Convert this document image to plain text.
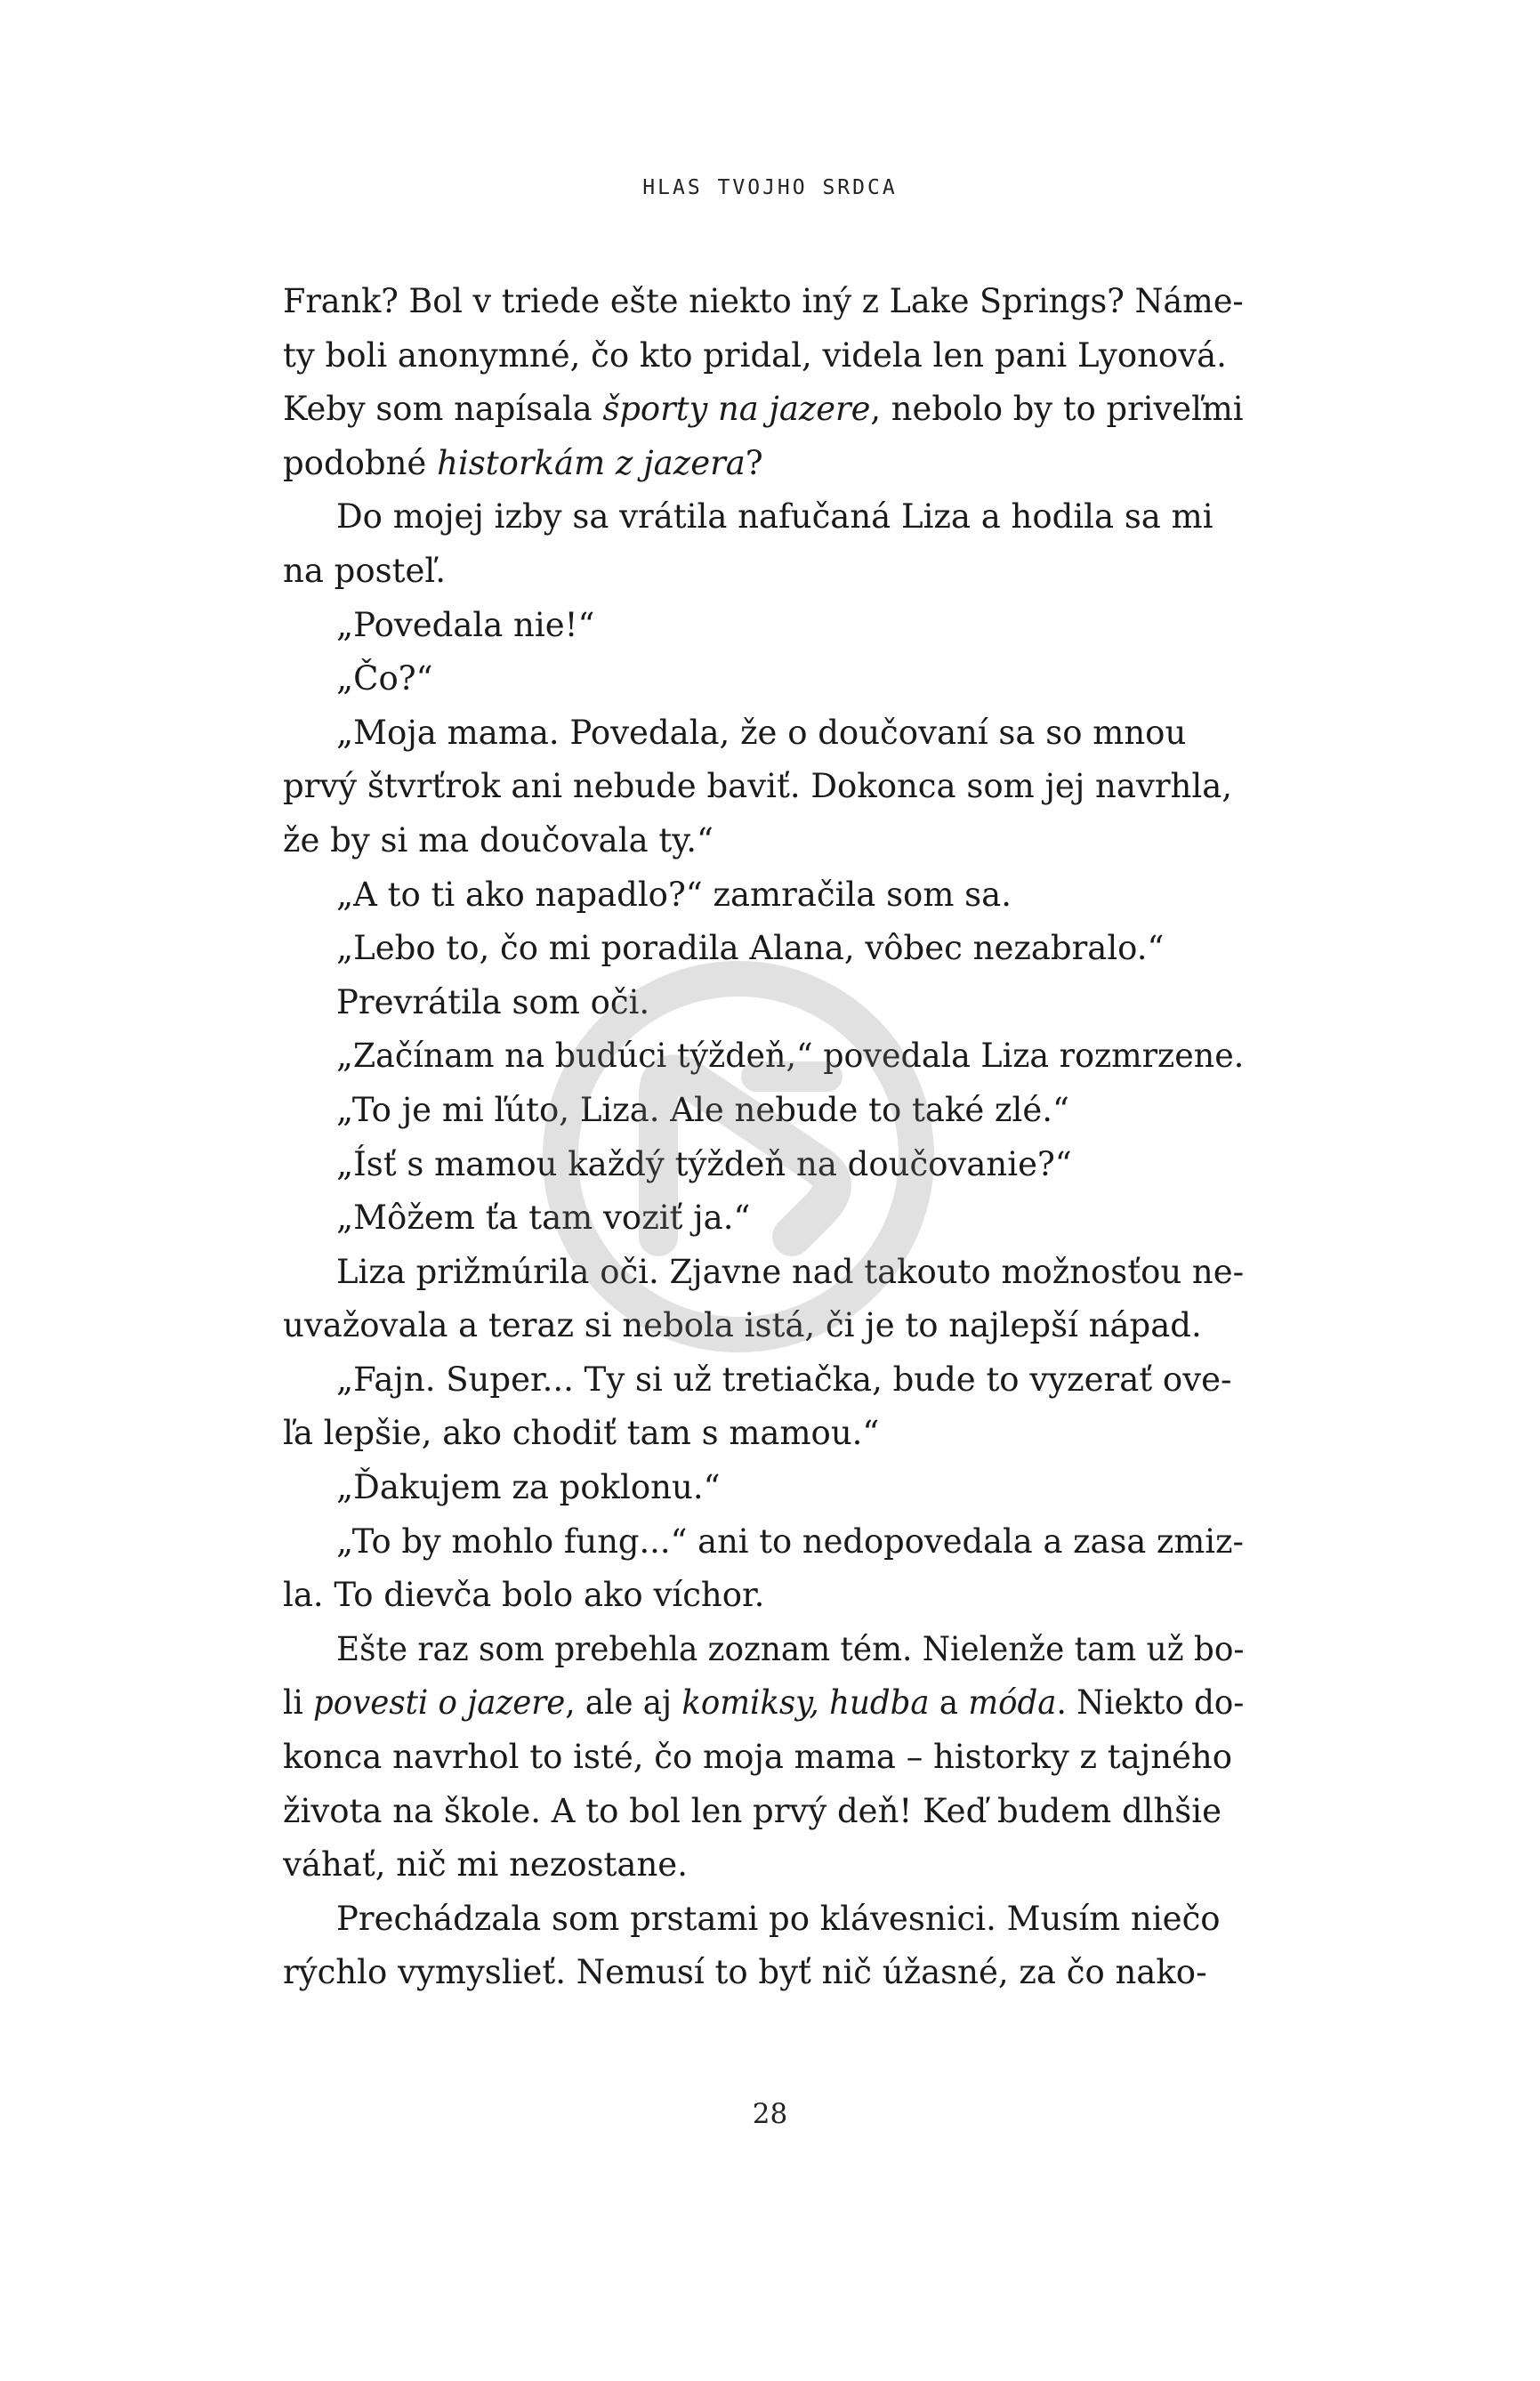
HLAS TVOJHO SRDCA

Frank? Bol v triede ešte niekto iný z Lake Springs? Náme-
ty boli anonymné, čo kto pridal, videla len pani Lyonová.
Keby som napísala športy na jazere, nebolo by to priveľmi
podobné historkám z jazera?

Do mojej izby sa vrátila nafučaná Liza a hodila sa mi
na posteľ.

„Povedala nie!“

„Čo?“

„Moja mama. Povedala, že o doučovaní sa so mnou
prvý štvrťrok ani nebude baviť. Dokonca som jej navrhla,
že by si ma doučovala ty.“

„A to ti ako napadlo?“ zamračila som sa.

„Lebo to, čo mi poradila Alana, vôbec nezabralo.“

Prevrátila som oči.

„Začínam na budúci týždeň,“ povedala Liza rozmrzene.

„To je mi ľúto, Liza. Ale nebude to také zlé.“

„Ísť s mamou každý týždeň na doučovanie?“

„Môžem ťa tam voziť ja.“

Liza prižmúrila oči. Zjavne nad takouto možnosťou ne-
uvažovala a teraz si nebola istá, či je to najlepší nápad.

„Fajn. Super... Ty si už tretiačka, bude to vyzerať ove-
ľa lepšie, ako chodiť tam s mamou.“

„Ďakujem za poklonu.“

„To by mohlo fung...“ ani to nedopovedala a zasa zmiz-
la. To dievča bolo ako víchor.

Ešte raz som prebehla zoznam tém. Nielenže tam už bo-
li povesti o jazere, ale aj komiksy, hudba a móda. Niekto do-
konca navrhol to isté, čo moja mama – historky z tajného
života na škole. A to bol len prvý deň! Keď budem dlhšie
váhať, nič mi nezostane.

Prechádzala som prstami po klávesnici. Musím niečo
rýchlo vymyslieť. Nemusí to byť nič úžasné, za čo nako-

28
